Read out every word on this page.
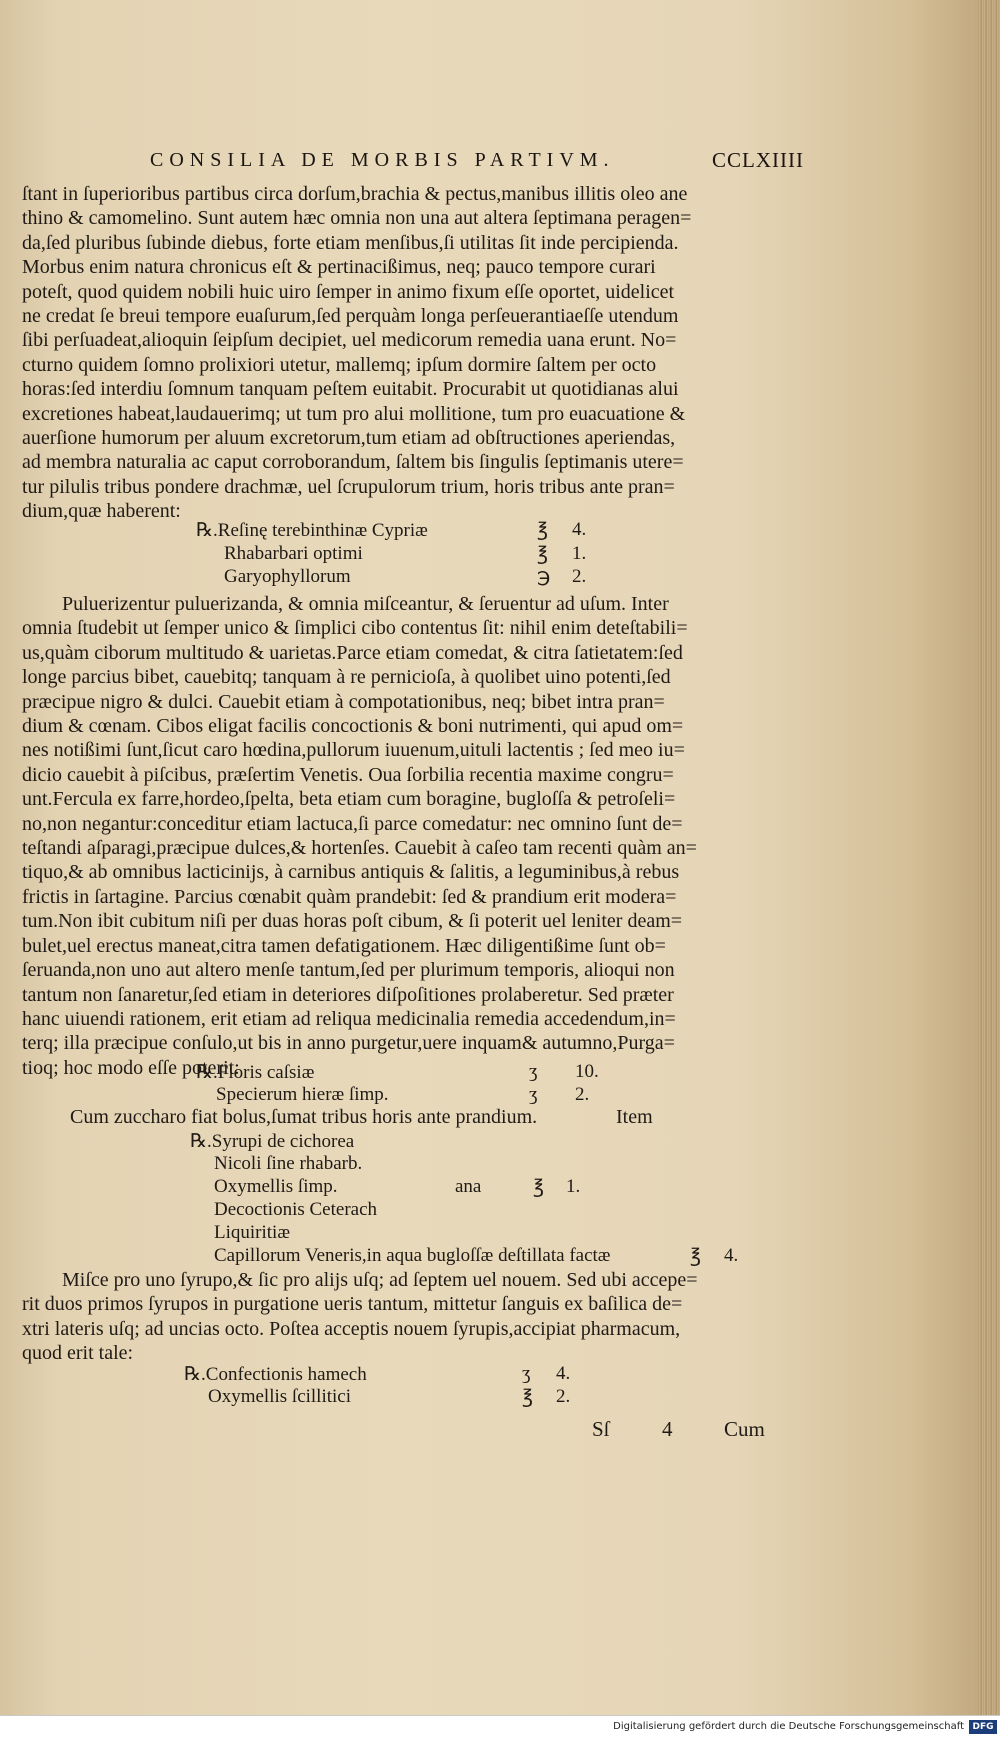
CONSILIA DE MORBIS PARTIVM.	CCLXIIII
ſtant in ſuperioribus partibus circa dorſum,brachia & pectus,manibus illitis oleo ane
thino & camomelino. Sunt autem hæc omnia non una aut altera ſeptimana peragen=
da,ſed pluribus ſubinde diebus, forte etiam menſibus,ſi utilitas ſit inde percipienda.
Morbus enim natura chronicus eſt & pertinacißimus, neq; pauco tempore curari
poteſt, quod quidem nobili huic uiro ſemper in animo fixum eſſe oportet, uidelicet
ne credat ſe breui tempore euaſurum,ſed perquàm longa perſeuerantiaeſſe utendum
ſibi perſuadeat,alioquin ſeipſum decipiet, uel medicorum remedia uana erunt. No=
cturno quidem ſomno prolixiori utetur, mallemq; ipſum dormire ſaltem per octo
horas:ſed interdiu ſomnum tanquam peſtem euitabit. Procurabit ut quotidianas alui
excretiones habeat,laudauerimq; ut tum pro alui mollitione, tum pro euacuatione &
auerſione humorum per aluum excretorum,tum etiam ad obſtructiones aperiendas,
ad membra naturalia ac caput corroborandum, ſaltem bis ſingulis ſeptimanis utere=
tur pilulis tribus pondere drachmæ, uel ſcrupulorum trium, horis tribus ante pran=
dium,quæ haberent:
℞.Reſinę terebinthinæ Cypriæ	℥ 4.
Rhabarbari optimi	℥ 1.
Garyophyllorum	℈ 2.
Puluerizentur puluerizanda, & omnia miſceantur, & ſeruentur ad uſum. Inter
omnia ſtudebit ut ſemper unico & ſimplici cibo contentus ſit: nihil enim deteſtabili=
us,quàm ciborum multitudo & uarietas.Parce etiam comedat, & citra ſatietatem:ſed
longe parcius bibet, cauebitq; tanquam à re pernicioſa, à quolibet uino potenti,ſed
præcipue nigro & dulci. Cauebit etiam à compotationibus, neq; bibet intra pran=
dium & cœnam. Cibos eligat facilis concoctionis & boni nutrimenti, qui apud om=
nes notißimi ſunt,ſicut caro hœdina,pullorum iuuenum,uituli lactentis ; ſed meo iu=
dicio cauebit à piſcibus, præſertim Venetis. Oua ſorbilia recentia maxime congru=
unt.Fercula ex farre,hordeo,ſpelta, beta etiam cum boragine, bugloſſa & petroſeli=
no,non negantur:conceditur etiam lactuca,ſi parce comedatur: nec omnino ſunt de=
teſtandi aſparagi,præcipue dulces,& hortenſes. Cauebit à caſeo tam recenti quàm an=
tiquo,& ab omnibus lacticinijs, à carnibus antiquis & ſalitis, a leguminibus,à rebus
frictis in ſartagine. Parcius cœnabit quàm prandebit: ſed & prandium erit modera=
tum.Non ibit cubitum niſi per duas horas poſt cibum, & ſi poterit uel leniter deam=
bulet,uel erectus maneat,citra tamen defatigationem. Hæc diligentißime ſunt ob=
ſeruanda,non uno aut altero menſe tantum,ſed per plurimum temporis, alioqui non
tantum non ſanaretur,ſed etiam in deteriores diſpoſitiones prolaberetur. Sed præter
hanc uiuendi rationem, erit etiam ad reliqua medicinalia remedia accedendum,in=
terq; illa præcipue conſulo,ut bis in anno purgetur,uere inquam& autumno,Purga=
tioq; hoc modo eſſe poterit:
℞.Floris caſsiæ	ʒ 10.
Specierum hieræ ſimp.	ʒ 2.
Cum zuccharo fiat bolus,ſumat tribus horis ante prandium.	Item
℞.Syrupi de cichorea
Nicoli ſine rhabarb.
Oxymellis ſimp.	ana	℥ 1.
Decoctionis Ceterach
Liquiritiæ
Capillorum Veneris,in aqua bugloſſæ deſtillata factæ	℥ 4.
Miſce pro uno ſyrupo,& ſic pro alijs uſq; ad ſeptem uel nouem. Sed ubi accepe=
rit duos primos ſyrupos in purgatione ueris tantum, mittetur ſanguis ex baſilica de=
xtri lateris uſq; ad uncias octo. Poſtea acceptis nouem ſyrupis,accipiat pharmacum,
quod erit tale:
℞.Confectionis hamech	ʒ 4.
Oxymellis ſcillitici	℥ 2.
Sſ 4 Cum
Digitalisierung gefördert durch die Deutsche Forschungsgemeinschaft DFG
